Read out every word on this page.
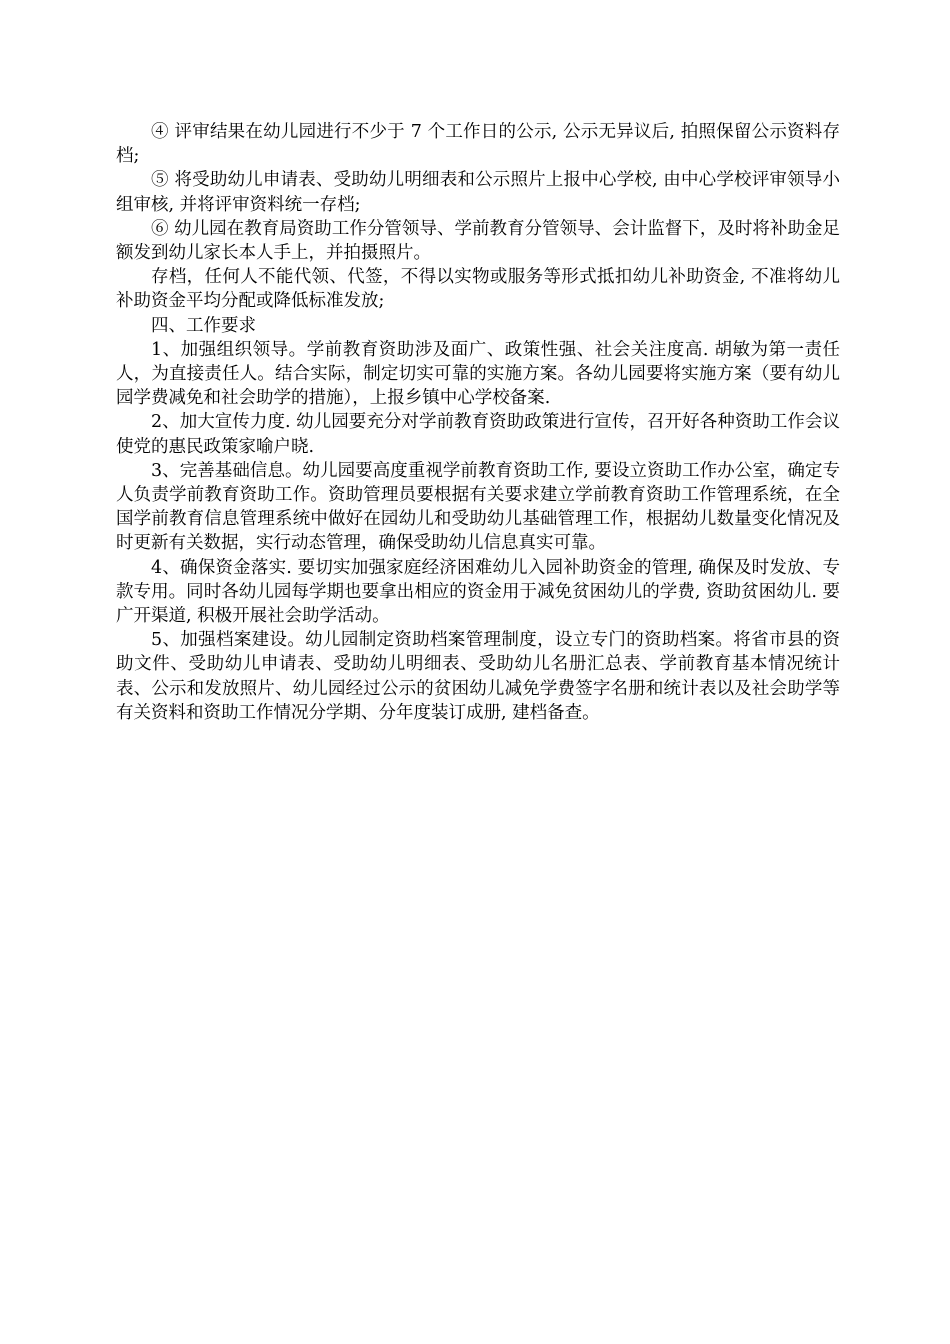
④ 评审结果在幼儿园进行不少于 7 个工作日的公示, 公示无异议后, 拍照保留公示资料存档;

⑤ 将受助幼儿申请表、受助幼儿明细表和公示照片上报中心学校, 由中心学校评审领导小组审核, 并将评审资料统一存档;

⑥ 幼儿园在教育局资助工作分管领导、学前教育分管领导、会计监督下，及时将补助金足额发到幼儿家长本人手上，并拍摄照片。

存档，任何人不能代领、代签，不得以实物或服务等形式抵扣幼儿补助资金, 不准将幼儿补助资金平均分配或降低标准发放;

四、工作要求

1、加强组织领导。学前教育资助涉及面广、政策性强、社会关注度高. 胡敏为第一责任人，为直接责任人。结合实际，制定切实可靠的实施方案。各幼儿园要将实施方案（要有幼儿园学费减免和社会助学的措施），上报乡镇中心学校备案.

2、加大宣传力度. 幼儿园要充分对学前教育资助政策进行宣传，召开好各种资助工作会议使党的惠民政策家喻户晓.

3、完善基础信息。幼儿园要高度重视学前教育资助工作, 要设立资助工作办公室，确定专人负责学前教育资助工作。资助管理员要根据有关要求建立学前教育资助工作管理系统，在全国学前教育信息管理系统中做好在园幼儿和受助幼儿基础管理工作，根据幼儿数量变化情况及时更新有关数据，实行动态管理，确保受助幼儿信息真实可靠。

4、确保资金落实. 要切实加强家庭经济困难幼儿入园补助资金的管理, 确保及时发放、专款专用。同时各幼儿园每学期也要拿出相应的资金用于减免贫困幼儿的学费, 资助贫困幼儿. 要广开渠道, 积极开展社会助学活动。

5、加强档案建设。幼儿园制定资助档案管理制度，设立专门的资助档案。将省市县的资助文件、受助幼儿申请表、受助幼儿明细表、受助幼儿名册汇总表、学前教育基本情况统计表、公示和发放照片、幼儿园经过公示的贫困幼儿减免学费签字名册和统计表以及社会助学等有关资料和资助工作情况分学期、分年度装订成册, 建档备查。
